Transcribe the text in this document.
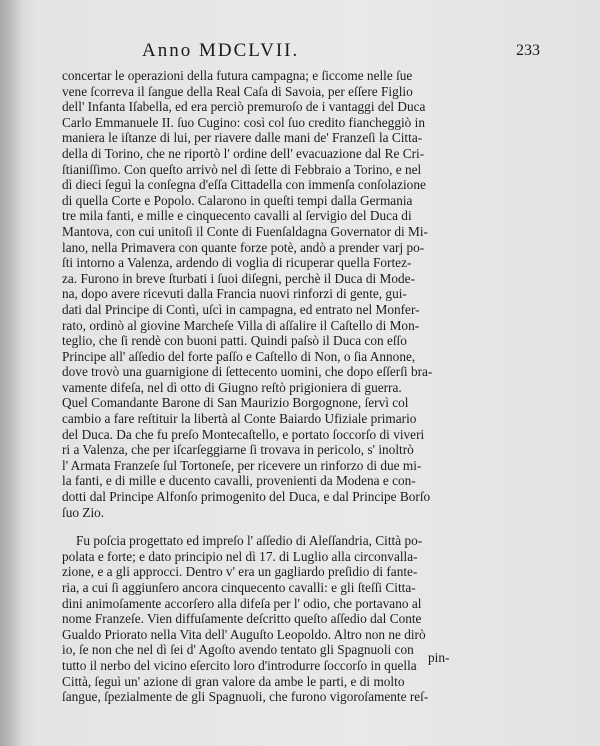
Anno MDCLVII.	233
concertar le operazioni della futura campagna; e ſiccome nelle ſue
vene ſcorreva il ſangue della Real Caſa di Savoia, per eſſere Figlio
dell' Infanta Iſabella, ed era perciò premuroſo de i vantaggi del Duca
Carlo Emmanuele II. ſuo Cugino: così col ſuo credito fiancheggiò in
maniera le iſtanze di lui, per riavere dalle mani de' Franzeſi la Citta-
della di Torino, che ne riportò l' ordine dell' evacuazione dal Re Cri-
ſtianiſſimo. Con queſto arrivò nel dì ſette di Febbraio a Torino, e nel
dì dieci ſeguì la conſegna d'eſſa Cittadella con immenſa conſolazione
di quella Corte e Popolo. Calarono in queſti tempi dalla Germania
tre mila fanti, e mille e cinquecento cavalli al ſervigio del Duca di
Mantova, con cui unitoſi il Conte di Fuenſaldagna Governator di Mi-
lano, nella Primavera con quante forze potè, andò a prender varj po-
ſti intorno a Valenza, ardendo di voglia di ricuperar quella Fortez-
za. Furono in breve ſturbati i ſuoi diſegni, perchè il Duca di Mode-
na, dopo avere ricevuti dalla Francia nuovi rinforzi di gente, gui-
dati dal Principe di Contì, uſcì in campagna, ed entrato nel Monfer-
rato, ordinò al giovine Marcheſe Villa di aſſalire il Caſtello di Mon-
teglio, che ſi rendè con buoni patti. Quindi paſsò il Duca con eſſo
Principe all' aſſedio del forte paſſo e Caſtello di Non, o ſia Annone,
dove trovò una guarnigione di ſettecento uomini, che dopo eſſerſi bra-
vamente difeſa, nel dì otto di Giugno reſtò prigioniera di guerra.
Quel Comandante Barone di San Maurizio Borgognone, ſervì col
cambio a fare reſtituir la libertà al Conte Baiardo Ufiziale primario
del Duca. Da che fu preſo Montecaſtello, e portato ſoccorſo di viveri
ri a Valenza, che per iſcarſeggiarne ſi trovava in pericolo, s' inoltrò
l' Armata Franzeſe ſul Tortoneſe, per ricevere un rinforzo di due mi-
la fanti, e di mille e ducento cavalli, provenienti da Modena e con-
dotti dal Principe Alfonſo primogenito del Duca, e dal Principe Borſo
ſuo Zio.
Fu poſcia progettato ed impreſo l' aſſedio di Aleſſandria, Città po-
polata e forte; e dato principio nel dì 17. di Luglio alla circonvalla-
zione, e a gli approcci. Dentro v' era un gagliardo preſidio di fante-
ria, a cui ſi aggiunſero ancora cinquecento cavalli: e gli ſteſſi Citta-
dini animoſamente accorſero alla difeſa per l' odio, che portavano al
nome Franzeſe. Vien diffuſamente deſcritto queſto aſſedio dal Conte
Gualdo Priorato nella Vita dell' Auguſto Leopoldo. Altro non ne dirò
io, ſe non che nel dì ſei d' Agoſto avendo tentato gli Spagnuoli con
tutto il nerbo del vicino eſercito loro d'introdurre ſoccorſo in quella
Città, ſeguì un' azione di gran valore da ambe le parti, e di molto
ſangue, ſpezialmente de gli Spagnuoli, che furono vigoroſamente reſ-
pin-
